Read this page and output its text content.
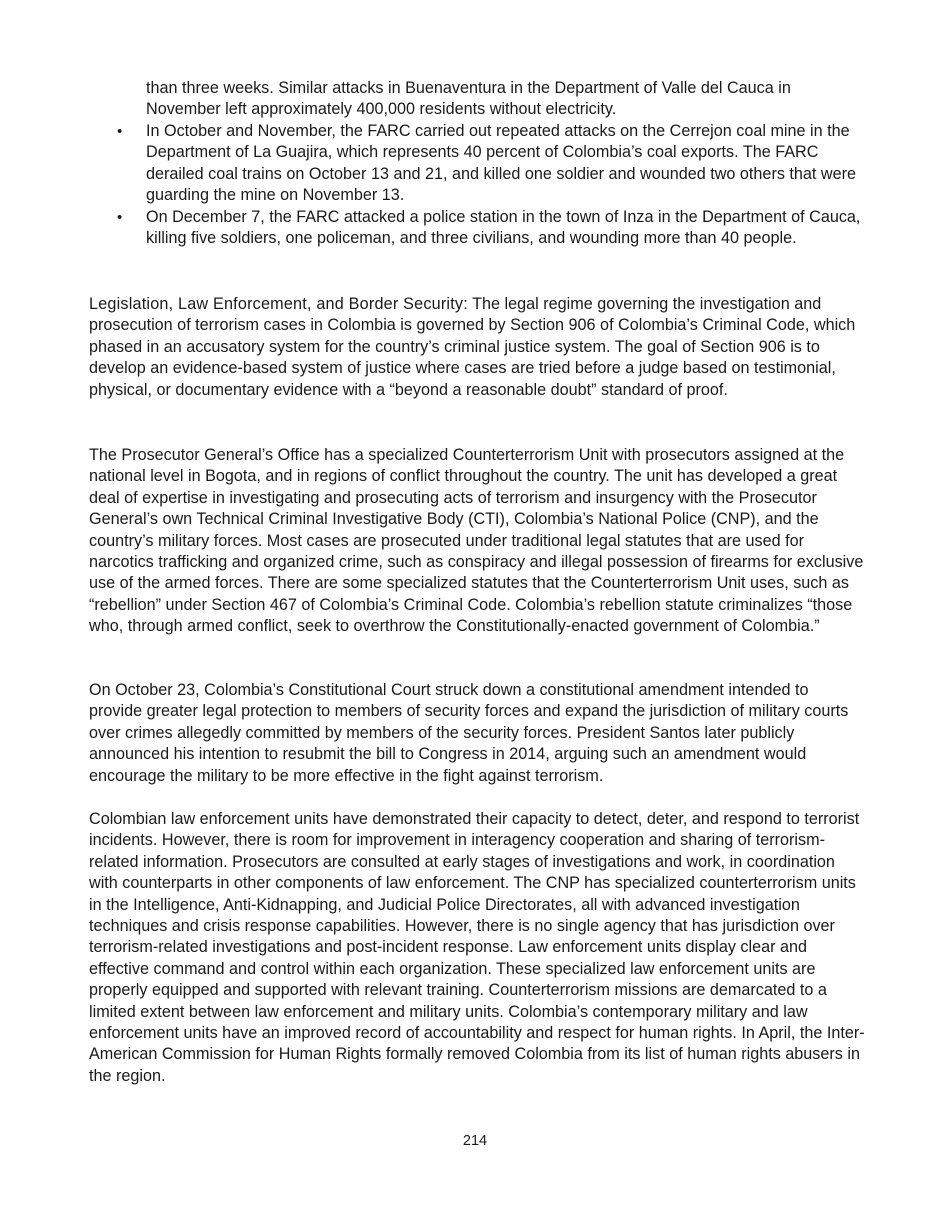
than three weeks. Similar attacks in Buenaventura in the Department of Valle del Cauca in November left approximately 400,000 residents without electricity.

• In October and November, the FARC carried out repeated attacks on the Cerrejon coal mine in the Department of La Guajira, which represents 40 percent of Colombia’s coal exports. The FARC derailed coal trains on October 13 and 21, and killed one soldier and wounded two others that were guarding the mine on November 13.
• On December 7, the FARC attacked a police station in the town of Inza in the Department of Cauca, killing five soldiers, one policeman, and three civilians, and wounding more than 40 people.

Legislation, Law Enforcement, and Border Security: The legal regime governing the investigation and prosecution of terrorism cases in Colombia is governed by Section 906 of Colombia’s Criminal Code, which phased in an accusatory system for the country’s criminal justice system. The goal of Section 906 is to develop an evidence-based system of justice where cases are tried before a judge based on testimonial, physical, or documentary evidence with a “beyond a reasonable doubt” standard of proof.

The Prosecutor General’s Office has a specialized Counterterrorism Unit with prosecutors assigned at the national level in Bogota, and in regions of conflict throughout the country. The unit has developed a great deal of expertise in investigating and prosecuting acts of terrorism and insurgency with the Prosecutor General’s own Technical Criminal Investigative Body (CTI), Colombia’s National Police (CNP), and the country’s military forces. Most cases are prosecuted under traditional legal statutes that are used for narcotics trafficking and organized crime, such as conspiracy and illegal possession of firearms for exclusive use of the armed forces. There are some specialized statutes that the Counterterrorism Unit uses, such as “rebellion” under Section 467 of Colombia’s Criminal Code. Colombia’s rebellion statute criminalizes “those who, through armed conflict, seek to overthrow the Constitutionally-enacted government of Colombia.”

On October 23, Colombia’s Constitutional Court struck down a constitutional amendment intended to provide greater legal protection to members of security forces and expand the jurisdiction of military courts over crimes allegedly committed by members of the security forces. President Santos later publicly announced his intention to resubmit the bill to Congress in 2014, arguing such an amendment would encourage the military to be more effective in the fight against terrorism.

Colombian law enforcement units have demonstrated their capacity to detect, deter, and respond to terrorist incidents. However, there is room for improvement in interagency cooperation and sharing of terrorism-related information. Prosecutors are consulted at early stages of investigations and work, in coordination with counterparts in other components of law enforcement. The CNP has specialized counterterrorism units in the Intelligence, Anti-Kidnapping, and Judicial Police Directorates, all with advanced investigation techniques and crisis response capabilities. However, there is no single agency that has jurisdiction over terrorism-related investigations and post-incident response. Law enforcement units display clear and effective command and control within each organization. These specialized law enforcement units are properly equipped and supported with relevant training. Counterterrorism missions are demarcated to a limited extent between law enforcement and military units. Colombia’s contemporary military and law enforcement units have an improved record of accountability and respect for human rights. In April, the Inter-American Commission for Human Rights formally removed Colombia from its list of human rights abusers in the region.

214
